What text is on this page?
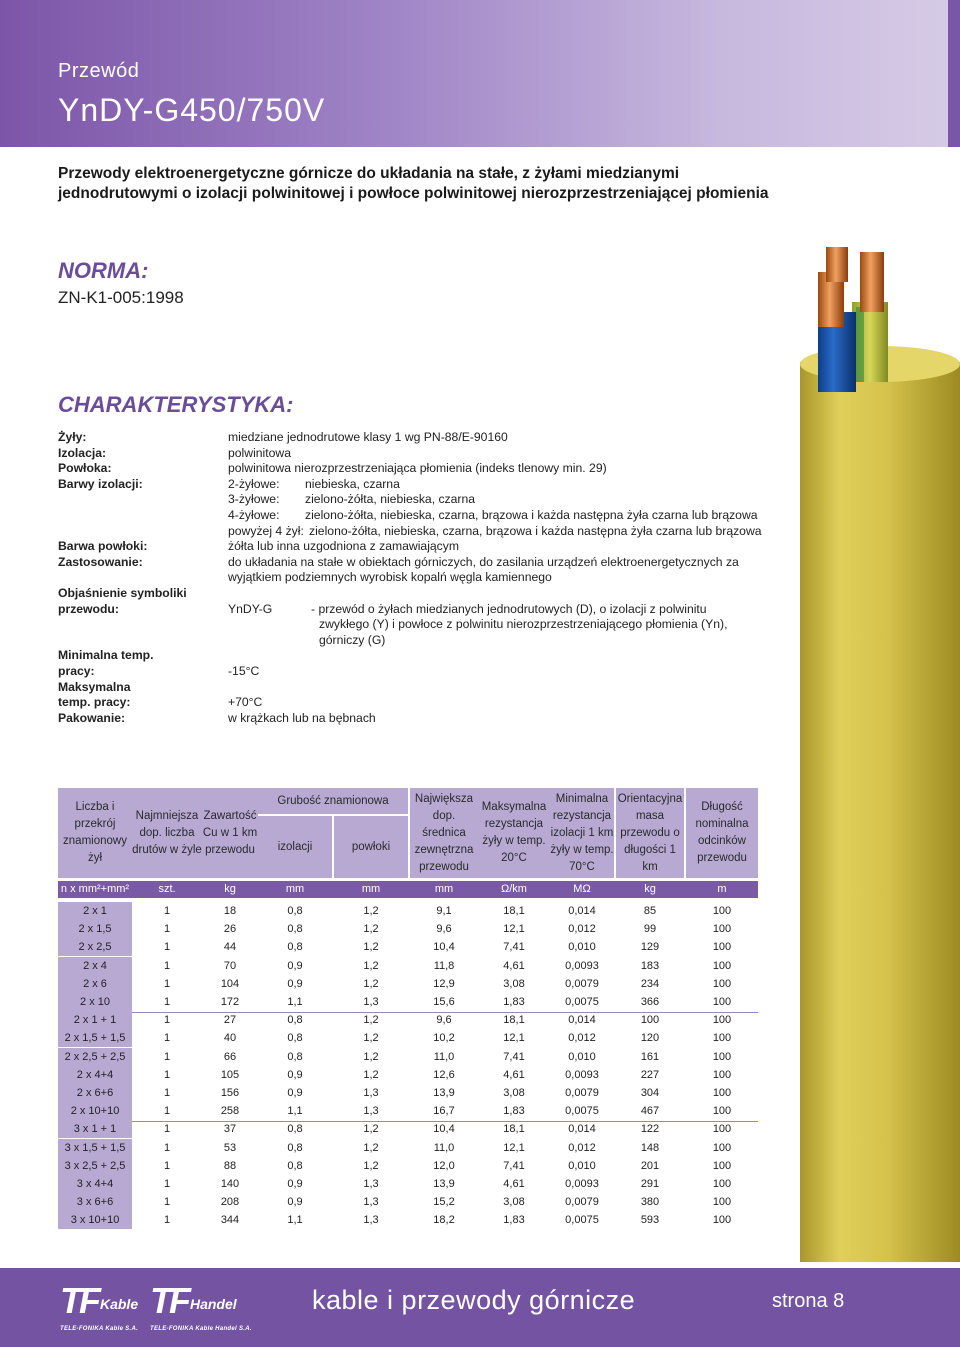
Przewód
YnDY-G450/750V
Przewody elektroenergetyczne górnicze do układania na stałe, z żyłami miedzianymi jednodrutowymi o izolacji polwinitowej i powłoce polwinitowej nierozprzestrzeniającej płomienia
NORMA:
ZN-K1-005:1998
CHARAKTERYSTYKA:
Żyły:	miedziane jednodrutowe klasy 1 wg PN-88/E-90160
Izolacja:	polwinitowa
Powłoka:	polwinitowa nierozprzestrzeniająca płomienia (indeks tlenowy min. 29)
Barwy izolacji:	2-żyłowe: niebieska, czarna
3-żyłowe: zielono-żółta, niebieska, czarna
4-żyłowe: zielono-żółta, niebieska, czarna, brązowa i każda następna żyła czarna lub brązowa
powyżej 4 żył: zielono-żółta, niebieska, czarna, brązowa i każda następna żyła czarna lub brązowa
Barwa powłoki:	żółta lub inna uzgodniona z zamawiającym
Zastosowanie:	do układania na stałe w obiektach górniczych, do zasilania urządzeń elektroenergetycznych za
wyjątkiem podziemnych wyrobisk kopalń węgla kamiennego
Objaśnienie symboliki
przewodu:	YnDY-G	- przewód o żyłach miedzianych jednodrutowych (D), o izolacji z polwinitu
zwykłego (Y) i powłoce z polwinitu nierozprzestrzeniającego płomienia (Yn),
górniczy (G)
Minimalna temp.
pracy:	-15°C
Maksymalna
temp. pracy:	+70°C
Pakowanie:	w krążkach lub na bębnach
Liczba i przekrój znamionowy żył
Najmniejsza dop. liczba drutów w żyle
Zawartość Cu w 1 km przewodu
Grubość znamionowa
izolacji	powłoki
Największa dop. średnica zewnętrzna przewodu
Maksymalna rezystancja żyły w temp. 20°C
Minimalna rezystancja izolacji 1 km żyły w temp. 70°C
Orientacyjna masa przewodu o długości 1 km
Długość nominalna odcinków przewodu
n x mm²+mm²	szt.	kg	mm	mm	mm	Ω/km	MΩ	kg	m
2 x 1	1	18	0,8	1,2	9,1	18,1	0,014	85	100
2 x 1,5	1	26	0,8	1,2	9,6	12,1	0,012	99	100
2 x 2,5	1	44	0,8	1,2	10,4	7,41	0,010	129	100
2 x 4	1	70	0,9	1,2	11,8	4,61	0,0093	183	100
2 x 6	1	104	0,9	1,2	12,9	3,08	0,0079	234	100
2 x 10	1	172	1,1	1,3	15,6	1,83	0,0075	366	100
2 x 1 + 1	1	27	0,8	1,2	9,6	18,1	0,014	100	100
2 x 1,5 + 1,5	1	40	0,8	1,2	10,2	12,1	0,012	120	100
2 x 2,5 + 2,5	1	66	0,8	1,2	11,0	7,41	0,010	161	100
2 x 4+4	1	105	0,9	1,2	12,6	4,61	0,0093	227	100
2 x 6+6	1	156	0,9	1,3	13,9	3,08	0,0079	304	100
2 x 10+10	1	258	1,1	1,3	16,7	1,83	0,0075	467	100
3 x 1 + 1	1	37	0,8	1,2	10,4	18,1	0,014	122	100
3 x 1,5 + 1,5	1	53	0,8	1,2	11,0	12,1	0,012	148	100
3 x 2,5 + 2,5	1	88	0,8	1,2	12,0	7,41	0,010	201	100
3 x 4+4	1	140	0,9	1,3	13,9	4,61	0,0093	291	100
3 x 6+6	1	208	0,9	1,3	15,2	3,08	0,0079	380	100
3 x 10+10	1	344	1,1	1,3	18,2	1,83	0,0075	593	100
TF Kable
TELE-FONIKA Kable S.A.
TF Handel
TELE-FONIKA Kable Handel S.A.
kable i przewody górnicze	strona 8
